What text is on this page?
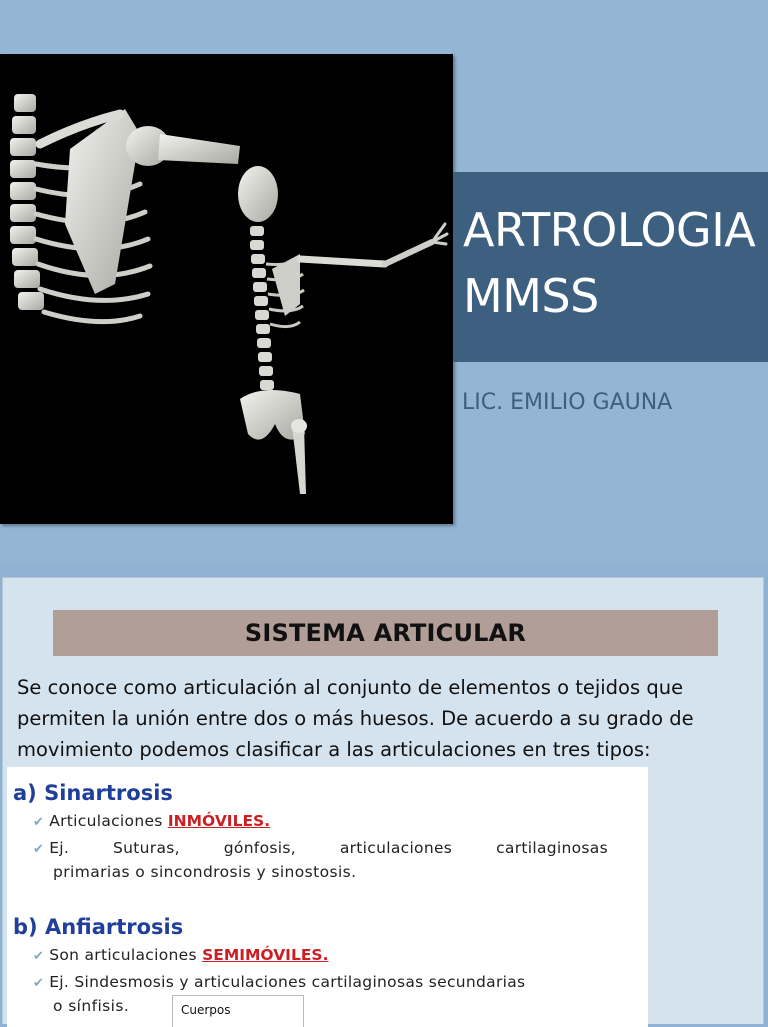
ARTROLOGIA
MMSS
LIC. EMILIO GAUNA
SISTEMA ARTICULAR
Se conoce como articulación al conjunto de elementos o tejidos que
permiten la unión entre dos o más huesos. De acuerdo a su grado de
movimiento podemos clasificar a las articulaciones en tres tipos:
a) Sinartrosis
✔ Articulaciones INMÓVILES.
✔ Ej.	Suturas,	gónfosis,	articulaciones	cartilaginosas
primarias o sincondrosis y sinostosis.
b) Anfiartrosis
✔ Son articulaciones SEMIMÓVILES.
✔ Ej. Sindesmosis y articulaciones cartilaginosas secundarias
o sínfisis.	Cuerpos
